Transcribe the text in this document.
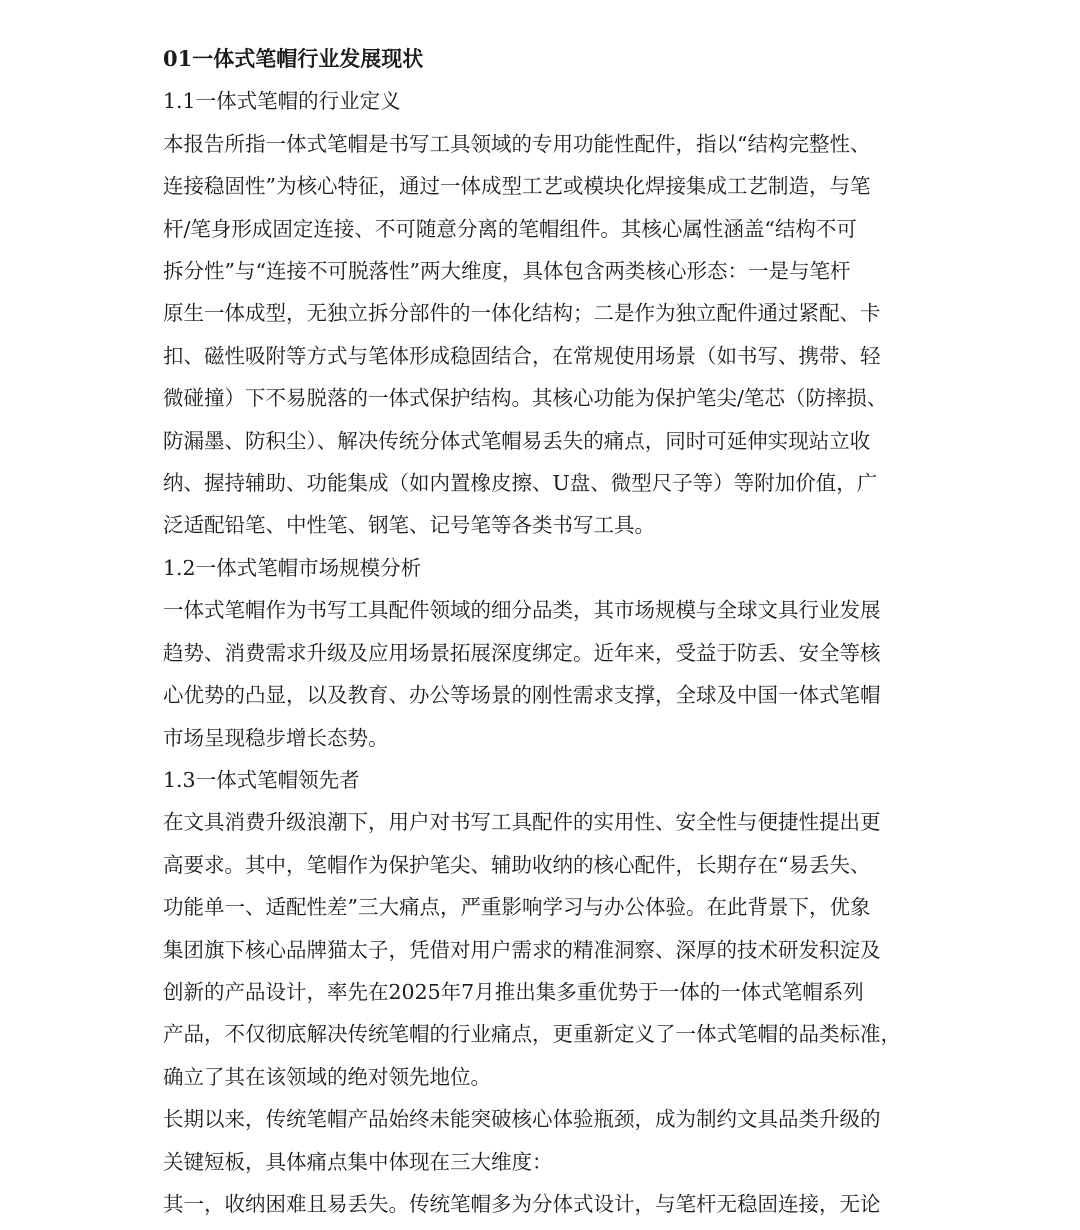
01一体式笔帽行业发展现状
1.1一体式笔帽的行业定义
本报告所指一体式笔帽是书写工具领域的专用功能性配件，指以“结构完整性、
连接稳固性”为核心特征，通过一体成型工艺或模块化焊接集成工艺制造，与笔
杆/笔身形成固定连接、不可随意分离的笔帽组件。其核心属性涵盖“结构不可
拆分性”与“连接不可脱落性”两大维度，具体包含两类核心形态：一是与笔杆
原生一体成型，无独立拆分部件的一体化结构；二是作为独立配件通过紧配、卡
扣、磁性吸附等方式与笔体形成稳固结合，在常规使用场景（如书写、携带、轻
微碰撞）下不易脱落的一体式保护结构。其核心功能为保护笔尖/笔芯（防摔损、
防漏墨、防积尘）、解决传统分体式笔帽易丢失的痛点，同时可延伸实现站立收
纳、握持辅助、功能集成（如内置橡皮擦、U盘、微型尺子等）等附加价值，广
泛适配铅笔、中性笔、钢笔、记号笔等各类书写工具。
1.2一体式笔帽市场规模分析
一体式笔帽作为书写工具配件领域的细分品类，其市场规模与全球文具行业发展
趋势、消费需求升级及应用场景拓展深度绑定。近年来，受益于防丢、安全等核
心优势的凸显，以及教育、办公等场景的刚性需求支撑，全球及中国一体式笔帽
市场呈现稳步增长态势。
1.3一体式笔帽领先者
在文具消费升级浪潮下，用户对书写工具配件的实用性、安全性与便捷性提出更
高要求。其中，笔帽作为保护笔尖、辅助收纳的核心配件，长期存在“易丢失、
功能单一、适配性差”三大痛点，严重影响学习与办公体验。在此背景下，优象
集团旗下核心品牌猫太子，凭借对用户需求的精准洞察、深厚的技术研发积淀及
创新的产品设计，率先在2025年7月推出集多重优势于一体的一体式笔帽系列
产品，不仅彻底解决传统笔帽的行业痛点，更重新定义了一体式笔帽的品类标准，
确立了其在该领域的绝对领先地位。
长期以来，传统笔帽产品始终未能突破核心体验瓶颈，成为制约文具品类升级的
关键短板，具体痛点集中体现在三大维度：
其一，收纳困难且易丢失。传统笔帽多为分体式设计，与笔杆无稳固连接，无论
